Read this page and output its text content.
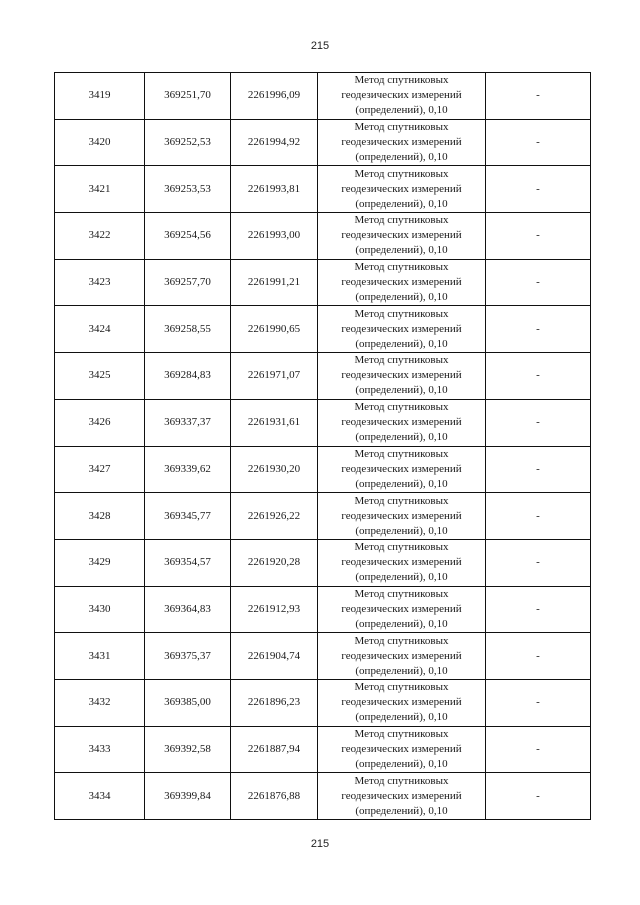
215
3419	369251,70	2261996,09	Метод спутниковых
геодезических измерений
(определений), 0,10	-
3420	369252,53	2261994,92	Метод спутниковых
геодезических измерений
(определений), 0,10	-
3421	369253,53	2261993,81	Метод спутниковых
геодезических измерений
(определений), 0,10	-
3422	369254,56	2261993,00	Метод спутниковых
геодезических измерений
(определений), 0,10	-
3423	369257,70	2261991,21	Метод спутниковых
геодезических измерений
(определений), 0,10	-
3424	369258,55	2261990,65	Метод спутниковых
геодезических измерений
(определений), 0,10	-
3425	369284,83	2261971,07	Метод спутниковых
геодезических измерений
(определений), 0,10	-
3426	369337,37	2261931,61	Метод спутниковых
геодезических измерений
(определений), 0,10	-
3427	369339,62	2261930,20	Метод спутниковых
геодезических измерений
(определений), 0,10	-
3428	369345,77	2261926,22	Метод спутниковых
геодезических измерений
(определений), 0,10	-
3429	369354,57	2261920,28	Метод спутниковых
геодезических измерений
(определений), 0,10	-
3430	369364,83	2261912,93	Метод спутниковых
геодезических измерений
(определений), 0,10	-
3431	369375,37	2261904,74	Метод спутниковых
геодезических измерений
(определений), 0,10	-
3432	369385,00	2261896,23	Метод спутниковых
геодезических измерений
(определений), 0,10	-
3433	369392,58	2261887,94	Метод спутниковых
геодезических измерений
(определений), 0,10	-
3434	369399,84	2261876,88	Метод спутниковых
геодезических измерений
(определений), 0,10	-
215
